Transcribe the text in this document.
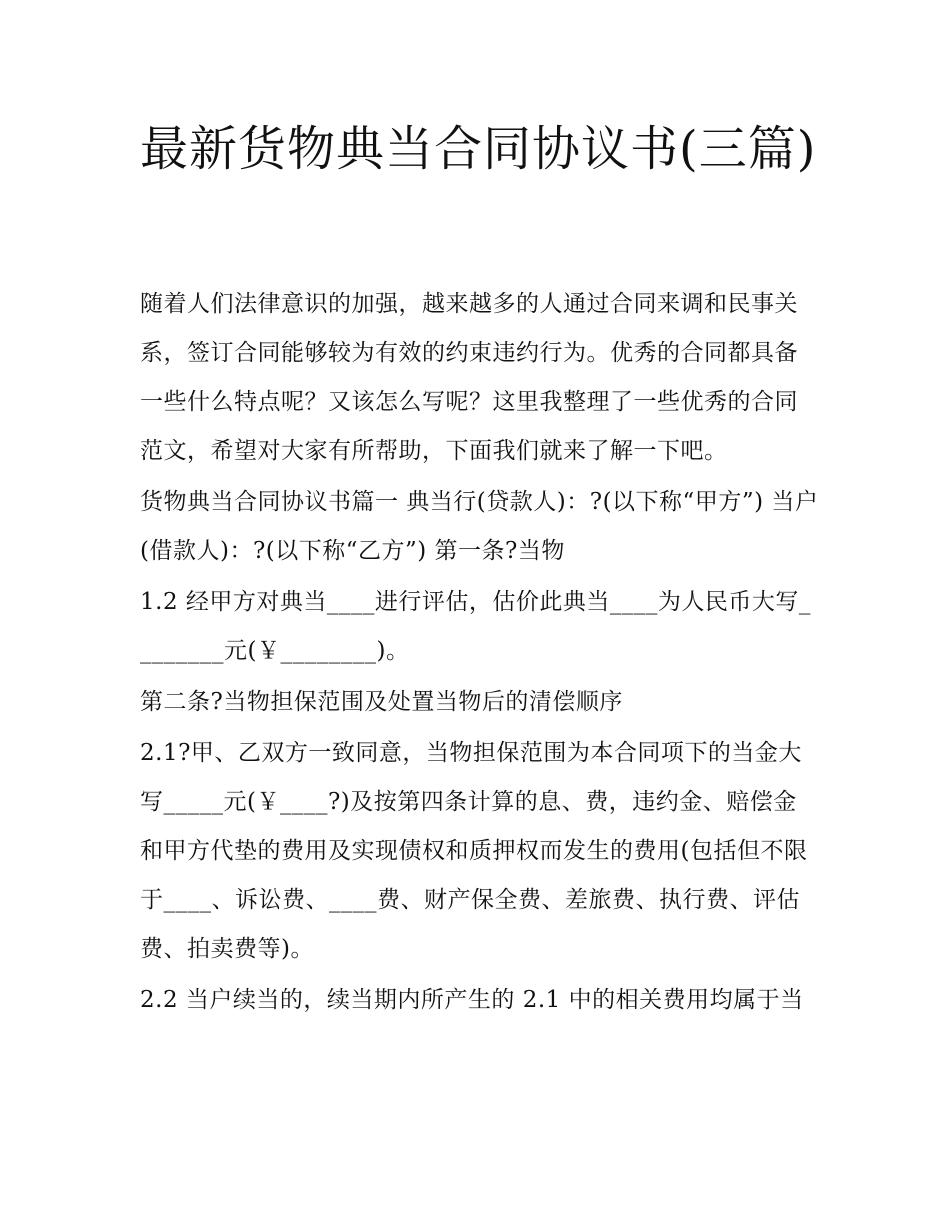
最新货物典当合同协议书(三篇)

随着人们法律意识的加强，越来越多的人通过合同来调和民事关系，签订合同能够较为有效的约束违约行为。优秀的合同都具备一些什么特点呢？又该怎么写呢？这里我整理了一些优秀的合同范文，希望对大家有所帮助，下面我们就来了解一下吧。

货物典当合同协议书篇一 典当行(贷款人)：?(以下称“甲方”) 当户(借款人)：?(以下称“乙方”) 第一条?当物

1.2 经甲方对典当____进行评估，估价此典当____为人民币大写________元(￥________)。

第二条?当物担保范围及处置当物后的清偿顺序

2.1?甲、乙双方一致同意，当物担保范围为本合同项下的当金大写_____元(￥____?)及按第四条计算的息、费，违约金、赔偿金和甲方代垫的费用及实现债权和质押权而发生的费用(包括但不限于____、诉讼费、____费、财产保全费、差旅费、执行费、评估费、拍卖费等)。

2.2 当户续当的，续当期内所产生的 2.1 中的相关费用均属于当
